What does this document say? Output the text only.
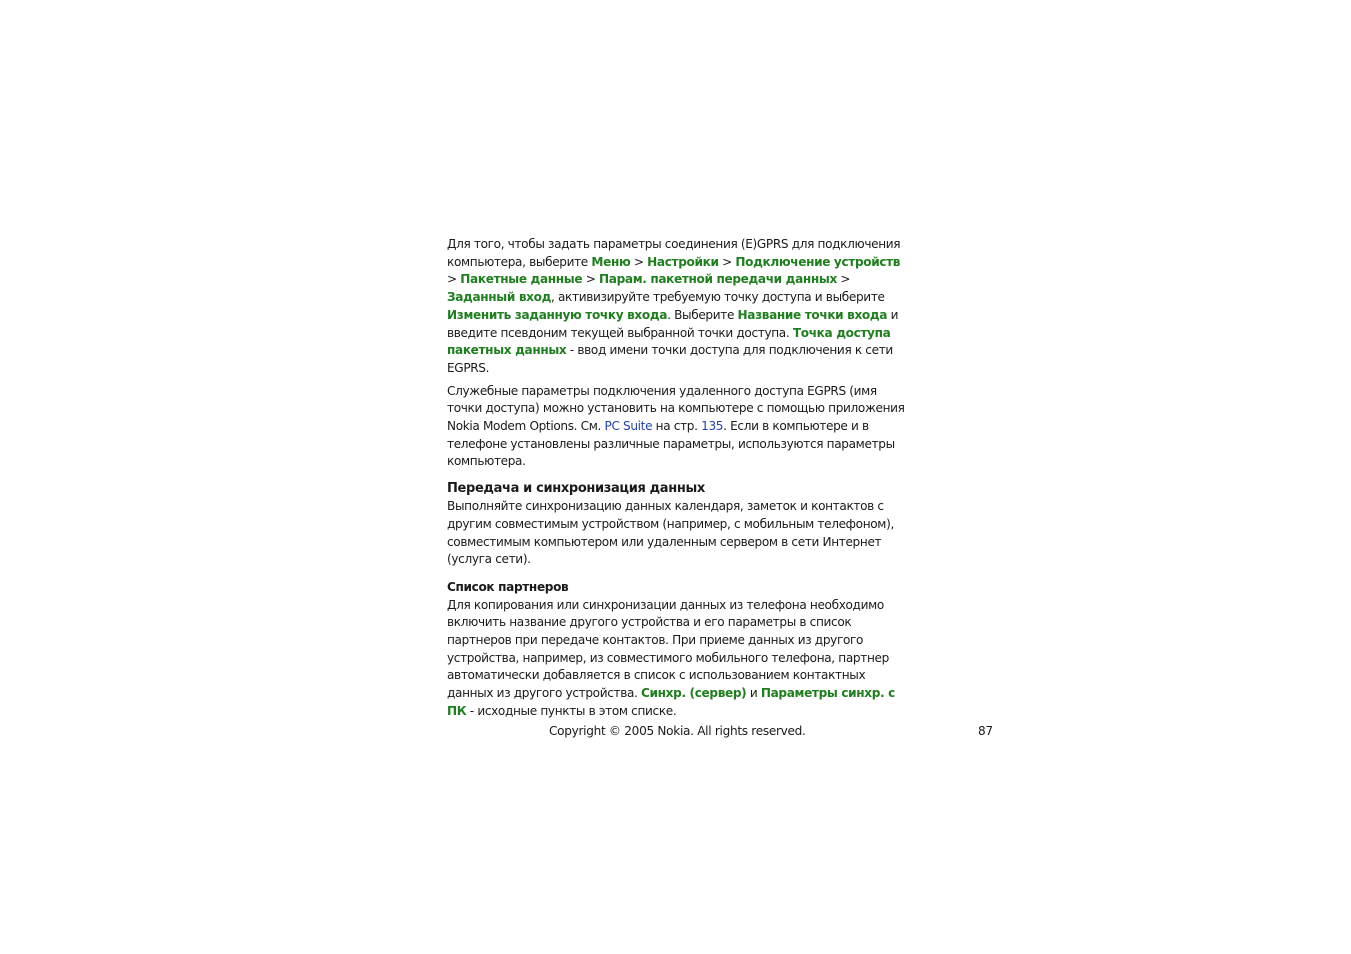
Для того, чтобы задать параметры соединения (E)GPRS для подключения компьютера, выберите Меню > Настройки > Подключение устройств > Пакетные данные > Парам. пакетной передачи данных > Заданный вход, активизируйте требуемую точку доступа и выберите Изменить заданную точку входа. Выберите Название точки входа и введите псевдоним текущей выбранной точки доступа. Точка доступа пакетных данных - ввод имени точки доступа для подключения к сети EGPRS.

Служебные параметры подключения удаленного доступа EGPRS (имя точки доступа) можно установить на компьютере с помощью приложения Nokia Modem Options. См. PC Suite на стр. 135. Если в компьютере и в телефоне установлены различные параметры, используются параметры компьютера.

Передача и синхронизация данных

Выполняйте синхронизацию данных календаря, заметок и контактов с другим совместимым устройством (например, с мобильным телефоном), совместимым компьютером или удаленным сервером в сети Интернет (услуга сети).

Список партнеров

Для копирования или синхронизации данных из телефона необходимо включить название другого устройства и его параметры в список партнеров при передаче контактов. При приеме данных из другого устройства, например, из совместимого мобильного телефона, партнер автоматически добавляется в список с использованием контактных данных из другого устройства. Синхр. (сервер) и Параметры синхр. с ПК - исходные пункты в этом списке.

Copyright © 2005 Nokia. All rights reserved.	87
